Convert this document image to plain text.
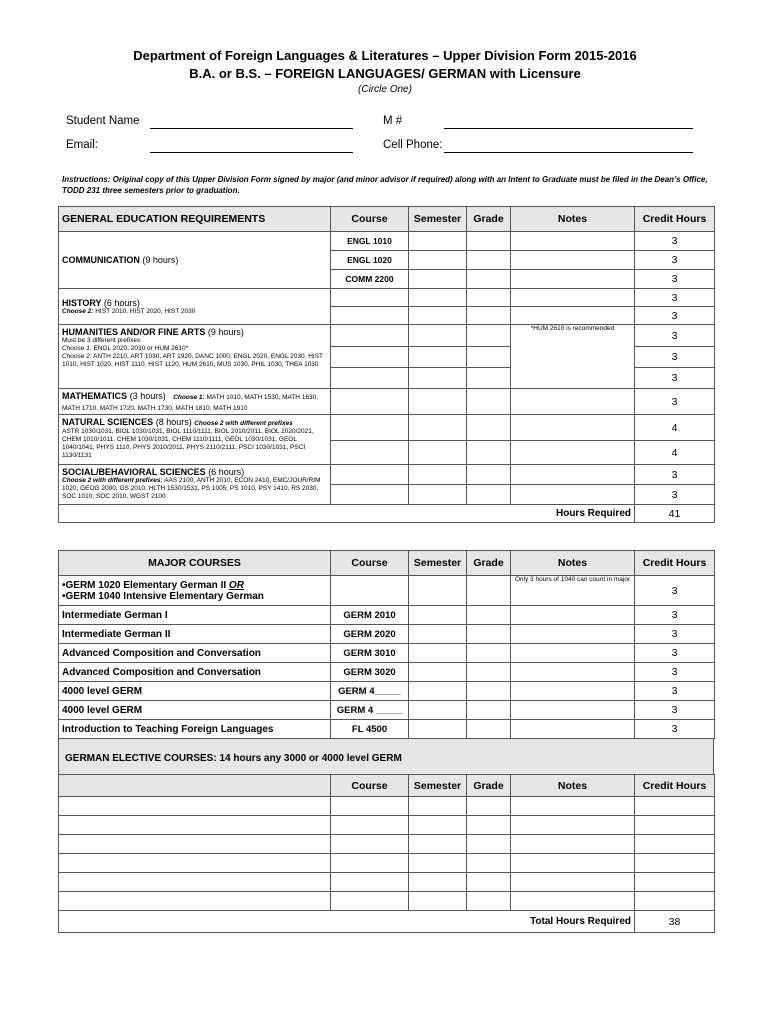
Department of Foreign Languages & Literatures – Upper Division Form 2015-2016
B.A. or B.S. – FOREIGN LANGUAGES/ GERMAN with Licensure
(Circle One)
Student Name	M #
Email:	Cell Phone:
Instructions: Original copy of this Upper Division Form signed by major (and minor advisor if required) along with an Intent to Graduate must be filed in the Dean’s Office, TODD 231 three semesters prior to graduation.
GENERAL EDUCATION REQUIREMENTS	Course	Semester	Grade	Notes	Credit Hours
COMMUNICATION (9 hours)	ENGL 1010				3
	ENGL 1020				3
	COMM 2200				3

HISTORY (6 hours)
Choose 2: HIST 2010, HIST 2020, HIST 2030					3
					3

HUMANITIES AND/OR FINE ARTS (9 hours)
Must be 3 different prefixes
Choose 1: ENGL 2020, 2030 or HUM 2610*
Choose 2: ANTH 2210, ART 1030, ART 1920, DANC 1000, ENGL 2020, ENGL 2030, HIST 1010, HIST 1020, HIST 1110, HIST 1120, HUM 2610, MUS 1030, PHIL 1030, THEA 1030				*HUM 2610 is recommended	3
					3
					3

MATHEMATICS (3 hours) Choose 1: MATH 1010, MATH 1530, MATH 1630, MATH 1710, MATH 1720, MATH 1730, MATH 1810, MATH 1910					3

NATURAL SCIENCES (8 hours) Choose 2 with different prefixes
ASTR 1030/1031, BIOL 1030/1031, BIOL 1110/1111, BIOL 2010/2011, BIOL 2020/2021, CHEM 1010/1011, CHEM 1030/1031, CHEM 1110/1111, GEOL 1030/1031, GEOL 1040/1041, PHYS 1110, PHYS 2010/2011, PHYS 2110/2111, PSCI 1030/1031, PSCI 1130/1131					4
					4

SOCIAL/BEHAVIORAL SCIENCES (6 hours)
Choose 2 with different prefixes: AAS 2100, ANTH 2010, ECON 2410, EMC/JOUR/RIM 1020, GEOG 2000, GS 2010, HLTH 1530/1531, PS 1005, PS 1010, PSY 1410, RS 2030, SOC 1010, SOC 2010, WGST 2100					3
					3
Hours Required					41
MAJOR COURSES	Course	Semester	Grade	Notes	Credit Hours

•GERM 1020 Elementary German II OR
•GERM 1040 Intensive Elementary German				Only 3 hours of 1040 can count in major	3
Intermediate German I	GERM 2010				3
Intermediate German II	GERM 2020				3
Advanced Composition and Conversation	GERM 3010				3
Advanced Composition and Conversation	GERM 3020				3
4000 level GERM	GERM 4_____				3
4000 level GERM	GERM 4 _____				3
Introduction to Teaching Foreign Languages	FL 4500				3
GERMAN ELECTIVE COURSES: 14 hours any 3000 or 4000 level GERM
	Course	Semester	Grade	Notes	Credit Hours

Total Hours Required					38
